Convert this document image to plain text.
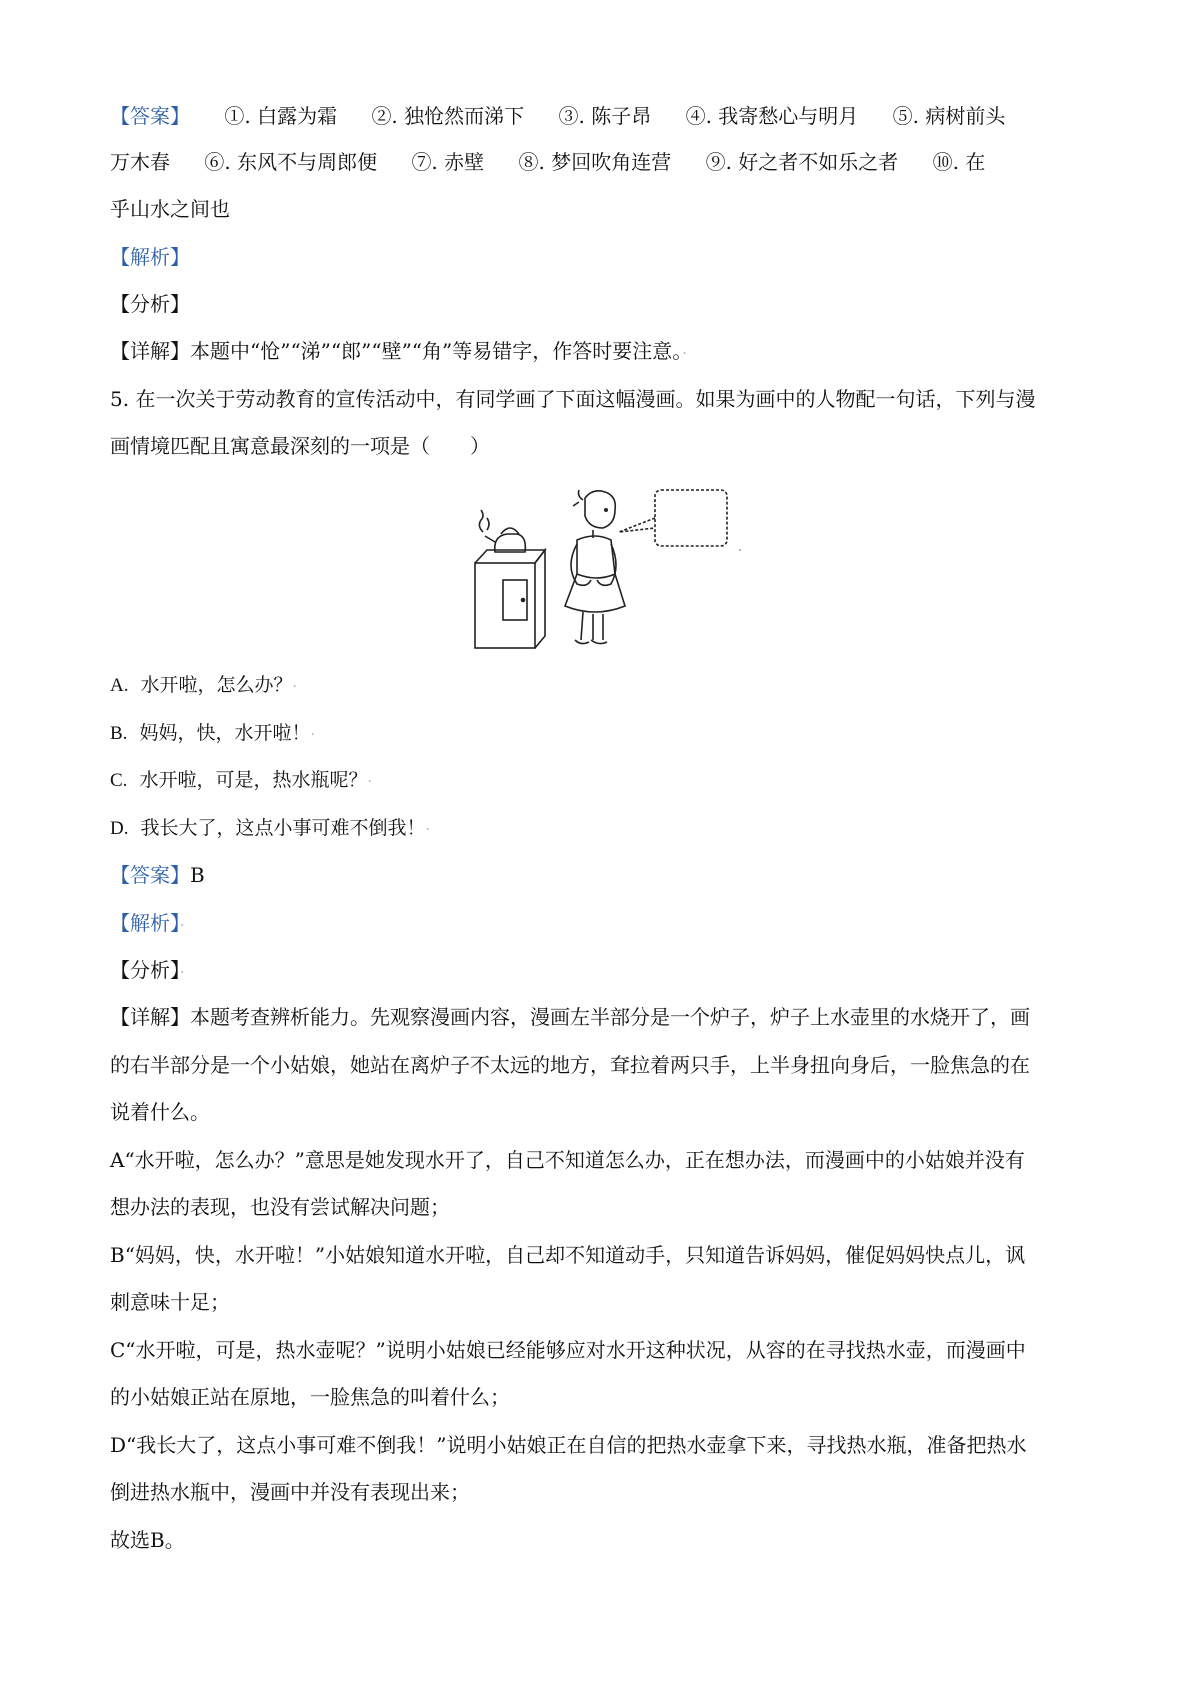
【答案】 ①. 白露为霜 ②. 独怆然而涕下 ③. 陈子昂 ④. 我寄愁心与明月 ⑤. 病树前头
万木春 ⑥. 东风不与周郎便 ⑦. 赤壁 ⑧. 梦回吹角连营 ⑨. 好之者不如乐之者 ⑩. 在
乎山水之间也
【解析】
【分析】
【详解】本题中“怆”“涕”“郎”“壁”“角”等易错字，作答时要注意。·
5. 在一次关于劳动教育的宣传活动中，有同学画了下面这幅漫画。如果为画中的人物配一句话，下列与漫
画情境匹配且寓意最深刻的一项是（　　）
A. 水开啦，怎么办？·
B. 妈妈，快，水开啦！·
C. 水开啦，可是，热水瓶呢？·
D. 我长大了，这点小事可难不倒我！·
【答案】B
【解析】·
【分析】·
【详解】本题考查辨析能力。先观察漫画内容，漫画左半部分是一个炉子，炉子上水壶里的水烧开了，画
的右半部分是一个小姑娘，她站在离炉子不太远的地方，耷拉着两只手，上半身扭向身后，一脸焦急的在
说着什么。
A“水开啦，怎么办？”意思是她发现水开了，自己不知道怎么办，正在想办法，而漫画中的小姑娘并没有
想办法的表现，也没有尝试解决问题；
B“妈妈，快，水开啦！”小姑娘知道水开啦，自己却不知道动手，只知道告诉妈妈，催促妈妈快点儿，讽
刺意味十足；
C“水开啦，可是，热水壶呢？”说明小姑娘已经能够应对水开这种状况，从容的在寻找热水壶，而漫画中
的小姑娘正站在原地，一脸焦急的叫着什么；
D“我长大了，这点小事可难不倒我！”说明小姑娘正在自信的把热水壶拿下来，寻找热水瓶，准备把热水
倒进热水瓶中，漫画中并没有表现出来；
故选B。
